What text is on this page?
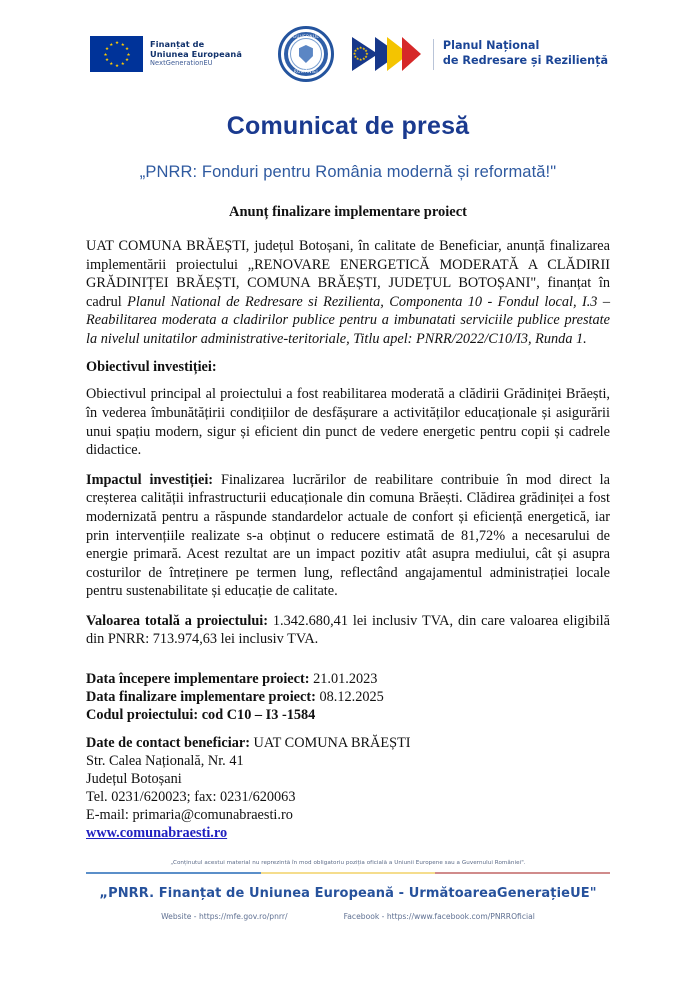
★ ★
★
★
★
★
★
★
★
★
★
★	Finanțat de
Uniunea Europeană
NextGenerationEU
GUVERNUL
ROMÂNIEI
★ ★
★
★
★
★
★
★
★
★
★
★	Planul Național
de Redresare și Reziliență
Comunicat de presă
„PNRR: Fonduri pentru România modernă și reformată!"
Anunț finalizare implementare proiect

UAT COMUNA BRĂEȘTI, județul Botoșani, în calitate de Beneficiar, anunță finalizarea implementării proiectului „RENOVARE ENERGETICĂ MODERATĂ A CLĂDIRII GRĂDINIȚEI BRĂEȘTI, COMUNA BRĂEȘTI, JUDEȚUL BOTOȘANI", finanțat în cadrul Planul National de Redresare si Rezilienta, Componenta 10 - Fondul local, I.3 – Reabilitarea moderata a cladirilor publice pentru a imbunatati serviciile publice prestate la nivelul unitatilor administrative-teritoriale, Titlu apel: PNRR/2022/C10/I3, Runda 1.

Obiectivul investiției:

Obiectivul principal al proiectului a fost reabilitarea moderată a clădirii Grădiniței Brăești, în vederea îmbunătățirii condițiilor de desfășurare a activităților educaționale și asigurării unui spațiu modern, sigur și eficient din punct de vedere energetic pentru copii și cadrele didactice.

Impactul investiției: Finalizarea lucrărilor de reabilitare contribuie în mod direct la creșterea calității infrastructurii educaționale din comuna Brăești. Clădirea grădiniței a fost modernizată pentru a răspunde standardelor actuale de confort și eficiență energetică, iar prin intervențiile realizate s-a obținut o reducere estimată de 81,72% a necesarului de energie primară. Acest rezultat are un impact pozitiv atât asupra mediului, cât și asupra costurilor de întreținere pe termen lung, reflectând angajamentul administrației locale pentru sustenabilitate și educație de calitate.

Valoarea totală a proiectului: 1.342.680,41 lei inclusiv TVA, din care valoarea eligibilă din PNRR: 713.974,63 lei inclusiv TVA.

Data începere implementare proiect: 21.01.2023

Data finalizare implementare proiect: 08.12.2025

Codul proiectului: cod C10 – I3 -1584

Date de contact beneficiar: UAT COMUNA BRĂEȘTI

Str. Calea Națională, Nr. 41

Județul Botoșani

Tel. 0231/620023; fax: 0231/620063

E-mail: primaria@comunabraesti.ro

www.comunabraesti.ro

„Conținutul acestui material nu reprezintă în mod obligatoriu poziția oficială a Uniunii Europene sau a Guvernului României".
„PNRR. Finanțat de Uniunea Europeană - UrmătoareaGenerațieUE"
Website - https://mfe.gov.ro/pnrr/	Facebook - https://www.facebook.com/PNRROficial
